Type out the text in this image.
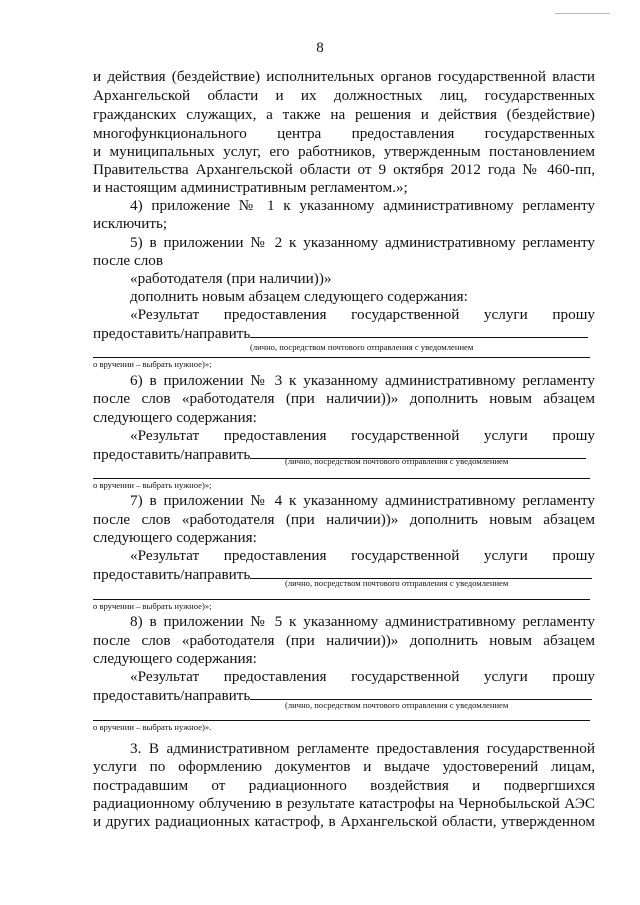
8
и действия (бездействие) исполнительных органов государственной власти
Архангельской области и их должностных лиц, государственных
гражданских служащих, а также на решения и действия (бездействие)
многофункционального центра предоставления государственных
и муниципальных услуг, его работников, утвержденным постановлением
Правительства Архангельской области от 9 октября 2012 года № 460-пп,
и настоящим административным регламентом.»;
4) приложение № 1 к указанному административному регламенту
исключить;
5) в приложении № 2 к указанному административному регламенту
после слов
«работодателя (при наличии))»
дополнить новым абзацем следующего содержания:
«Результат предоставления государственной услуги прошу
предоставить/направить
(лично, посредством почтового отправления с уведомлением
о вручении – выбрать нужное)»;
6) в приложении № 3 к указанному административному регламенту
после слов «работодателя (при наличии))» дополнить новым абзацем
следующего содержания:
«Результат предоставления государственной услуги прошу
предоставить/направить	(лично, посредством почтового отправления с уведомлением
о вручении – выбрать нужное)»;
7) в приложении № 4 к указанному административному регламенту
после слов «работодателя (при наличии))» дополнить новым абзацем
следующего содержания:
«Результат предоставления государственной услуги прошу
предоставить/направить	(лично, посредством почтового отправления с уведомлением
о вручении – выбрать нужное)»;
8) в приложении № 5 к указанному административному регламенту
после слов «работодателя (при наличии))» дополнить новым абзацем
следующего содержания:
«Результат предоставления государственной услуги прошу
предоставить/направить
(лично, посредством почтового отправления с уведомлением
о вручении – выбрать нужное)».
3. В административном регламенте предоставления государственной
услуги по оформлению документов и выдаче удостоверений лицам,
пострадавшим от радиационного воздействия и подвергшихся
радиационному облучению в результате катастрофы на Чернобыльской АЭС
и других радиационных катастроф, в Архангельской области, утвержденном
